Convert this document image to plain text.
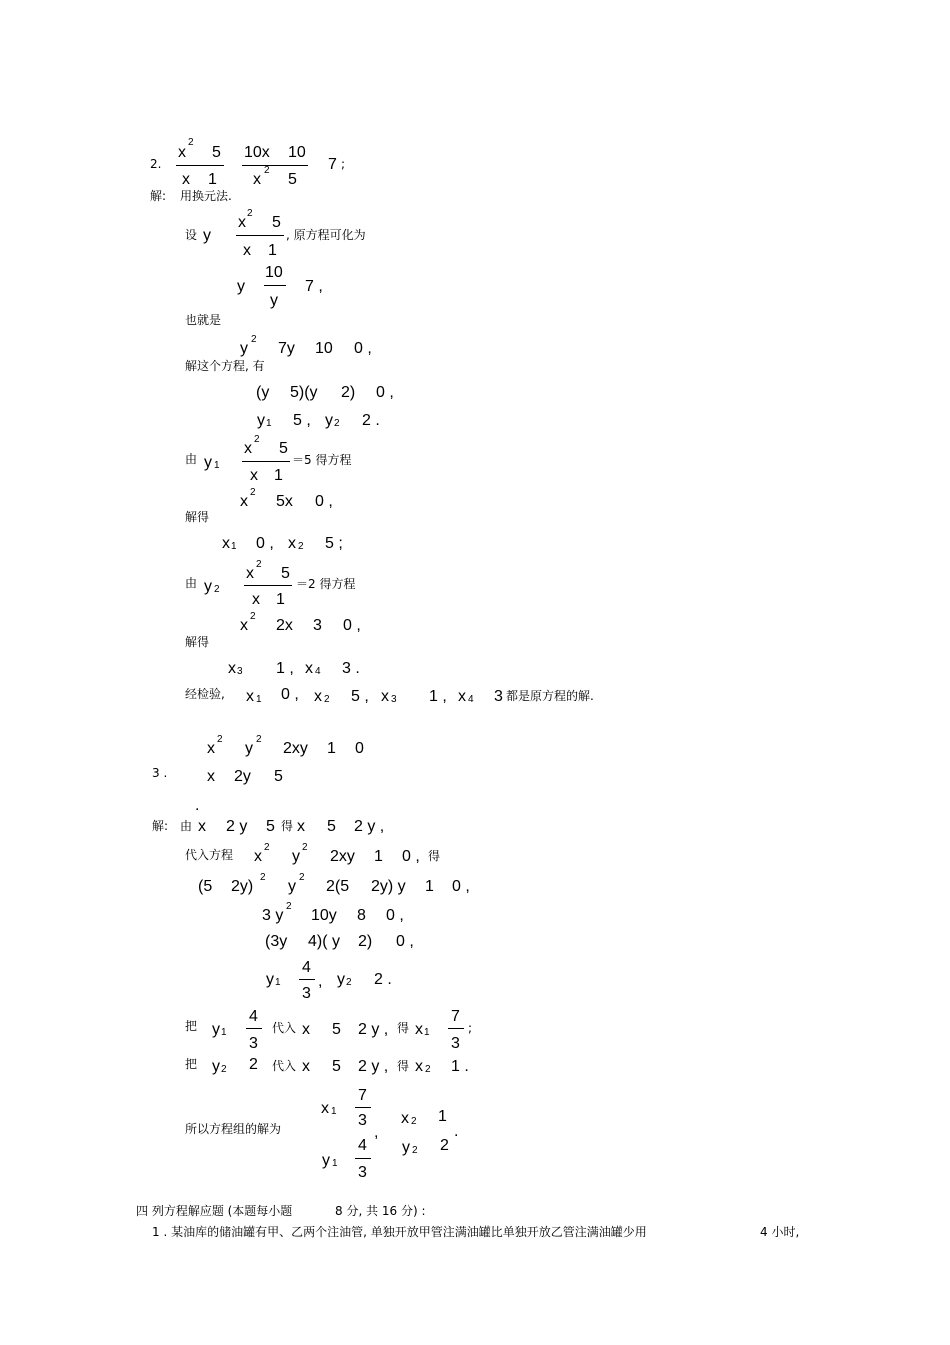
2.
x
2
5
x 1
10x 10
x
2
5
7 ;
解: 用换元法.
设 y
x
2
5
x 1
, 原方程可化为
y
10
y
7 ,
也就是
y
2
7y 10 0 ,
解这个方程, 有
(y 5)(y 2) 0 ,
y 1 5 , y 2 2 .
由 y 1
x
2
5
x 1
＝5 得方程
x
2
5x 0 ,
解得
x 1 0 , x 2 5 ;
由 y 2
x
2
5
x 1
＝2 得方程
x
2
2x 3 0 ,
解得
x 3 1 , x 4 3 .
经检验, x 1 0 , x 2 5 , x 3 1 , x 4 3 都是原方程的解.
x
2
y
2
2xy 1 0
3 . x 2y 5
.
解: 由 x 2 y 5 得 x 5 2 y ,
代入方程 x
2
y
2
2xy 1 0 , 得
(5 2y)
2
y
2
2(5 2y) y 1 0 ,
3 y
2
10y 8 0 ,
(3y 4)( y 2) 0 ,
y 1
4
3
, y 2 2 .
把 y 1
4
3
代入 x 5 2 y , 得 x 1
7
3
;
把 y 2 2 代入 x 5 2 y , 得 x 2 1 .
所以方程组的解为
x 1
7
3
,
x 2 1
y 1
4
3
y 2 2
.
四 列方程解应题 (本题每小题	8 分, 共 16 分) :
1 . 某油库的储油罐有甲、乙两个注油管, 单独开放甲管注满油罐比单独开放乙管注满油罐少用	4 小时,
